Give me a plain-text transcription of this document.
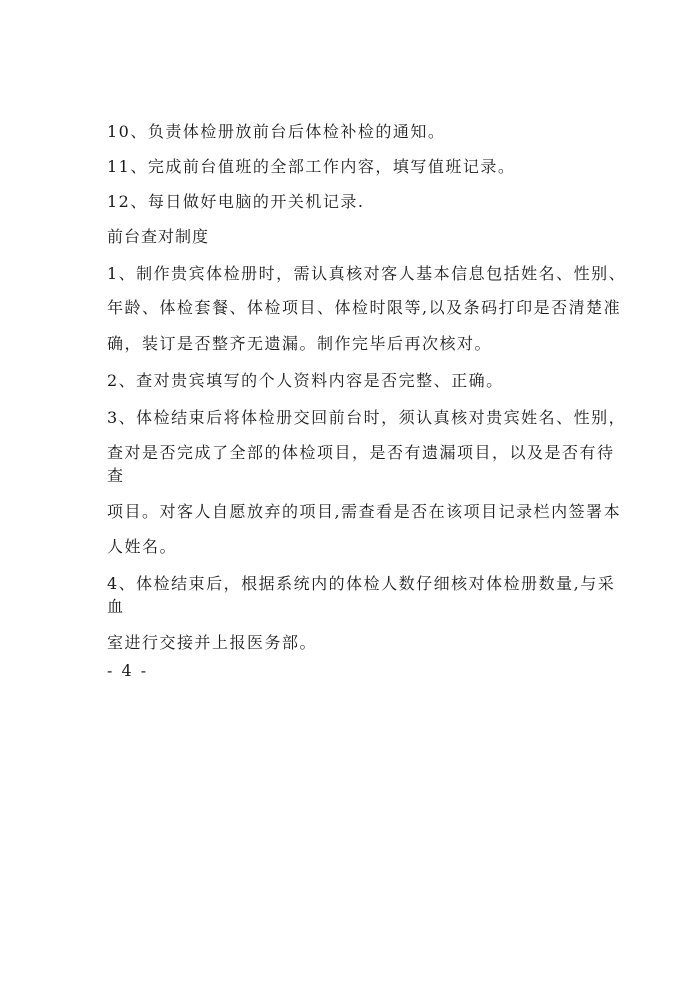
10、负责体检册放前台后体检补检的通知。
11、完成前台值班的全部工作内容，填写值班记录。
12、每日做好电脑的开关机记录.
前台查对制度
1、制作贵宾体检册时，需认真核对客人基本信息包括姓名、性别、
年龄、体检套餐、体检项目、体检时限等,以及条码打印是否清楚准
确，装订是否整齐无遗漏。制作完毕后再次核对。
2、查对贵宾填写的个人资料内容是否完整、正确。
3、体检结束后将体检册交回前台时，须认真核对贵宾姓名、性别，
查对是否完成了全部的体检项目，是否有遗漏项目，以及是否有待
查
项目。对客人自愿放弃的项目,需查看是否在该项目记录栏内签署本
人姓名。
4、体检结束后，根据系统内的体检人数仔细核对体检册数量,与采
血
室进行交接并上报医务部。
- 4 -
